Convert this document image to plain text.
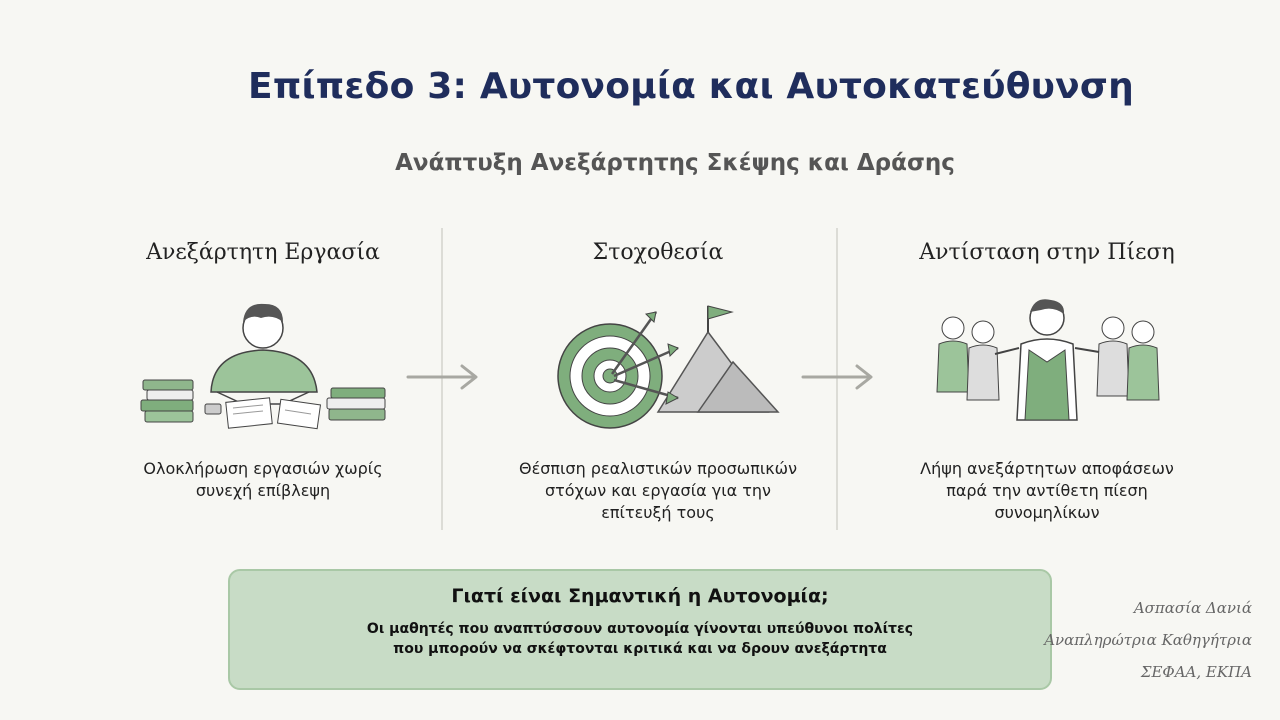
Επίπεδο 3: Αυτονομία και Αυτοκατεύθυνση
Ανάπτυξη Ανεξάρτητης Σκέψης και Δράσης
Ανεξάρτητη Εργασία
Ολοκλήρωση εργασιών χωρίς συνεχή επίβλεψη
Στοχοθεσία
Θέσπιση ρεαλιστικών προσωπικών στόχων και εργασία για την επίτευξή τους
Αντίσταση στην Πίεση
Λήψη ανεξάρτητων αποφάσεων παρά την αντίθετη πίεση συνομηλίκων
Γιατί είναι Σημαντική η Αυτονομία;
Οι μαθητές που αναπτύσσουν αυτονομία γίνονται υπεύθυνοι πολίτες που μπορούν να σκέφτονται κριτικά και να δρουν ανεξάρτητα
Ασπασία Δανιά
Αναπληρώτρια Καθηγήτρια
ΣΕΦΑΑ, ΕΚΠΑ
